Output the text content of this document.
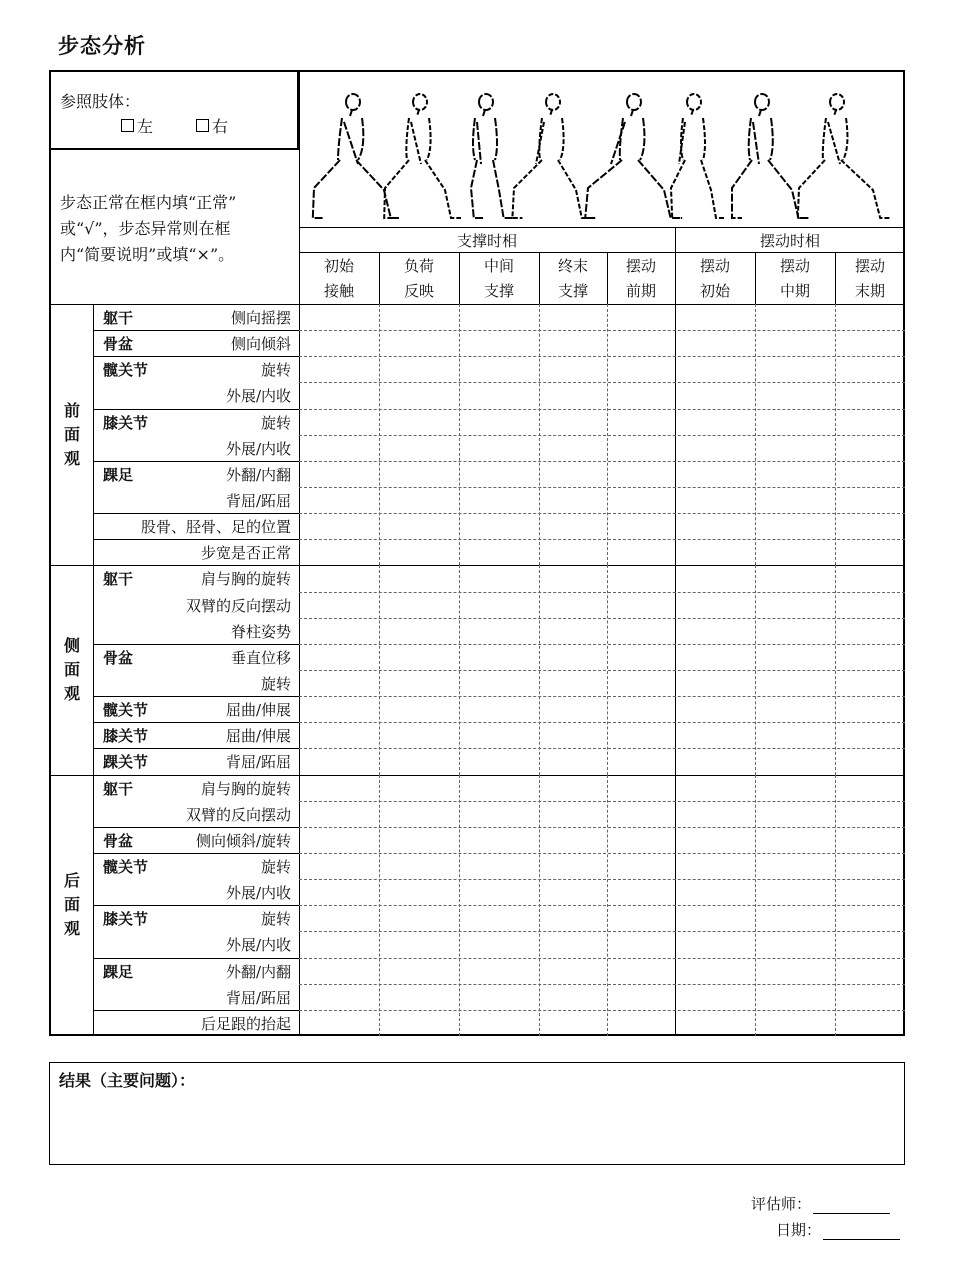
步态分析
参照肢体：
左	右
步态正常在框内填“正常”
或“√”，步态异常则在框
内“简要说明”或填“×”。
支撑时相	摆动时相
初始
接触
负荷
反映
中间
支撑
终末
支撑
摆动
前期
摆动
初始
摆动
中期
摆动
末期
前
面
观
躯干	侧向摇摆
骨盆	侧向倾斜
髋关节	旋转
外展/内收
膝关节	旋转
外展/内收
踝足	外翻/内翻
背屈/跖屈
股骨、胫骨、足的位置
步宽是否正常
侧
面
观
躯干	肩与胸的旋转
双臂的反向摆动
脊柱姿势
骨盆	垂直位移
旋转
髋关节	屈曲/伸展
膝关节	屈曲/伸展
踝关节	背屈/跖屈
后
面
观
躯干	肩与胸的旋转
双臂的反向摆动
骨盆	侧向倾斜/旋转
髋关节	旋转
外展/内收
膝关节	旋转
外展/内收
踝足	外翻/内翻
背屈/跖屈
后足跟的抬起
结果（主要问题）：
评估师：
日期：
